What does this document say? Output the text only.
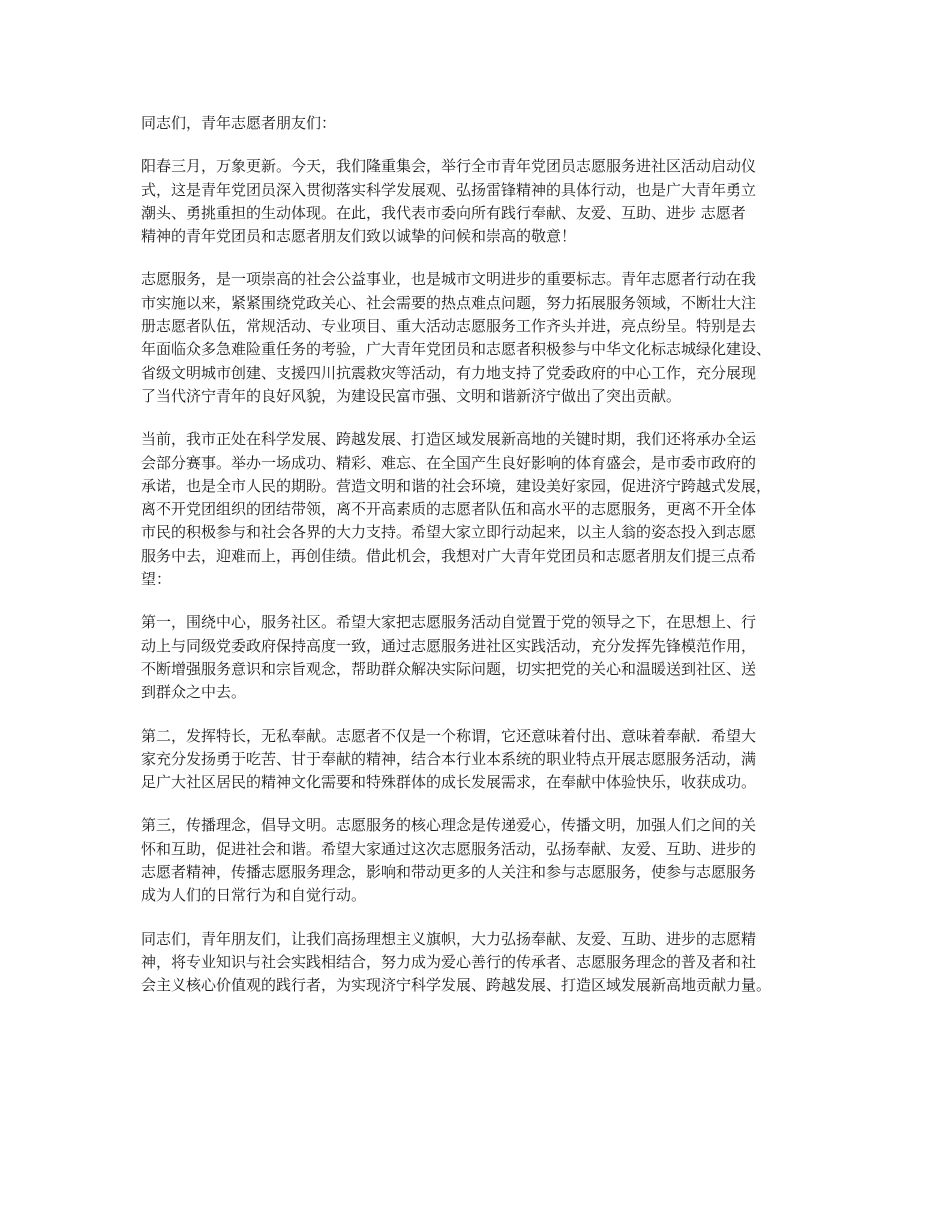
同志们，青年志愿者朋友们：

阳春三月，万象更新。今天，我们隆重集会，举行全市青年党团员志愿服务进社区活动启动仪
式，这是青年党团员深入贯彻落实科学发展观、弘扬雷锋精神的具体行动，也是广大青年勇立
潮头、勇挑重担的生动体现。在此，我代表市委向所有践行奉献、友爱、互助、进步 志愿者
精神的青年党团员和志愿者朋友们致以诚挚的问候和崇高的敬意！

志愿服务，是一项崇高的社会公益事业，也是城市文明进步的重要标志。青年志愿者行动在我
市实施以来，紧紧围绕党政关心、社会需要的热点难点问题，努力拓展服务领域，不断壮大注
册志愿者队伍，常规活动、专业项目、重大活动志愿服务工作齐头并进，亮点纷呈。特别是去
年面临众多急难险重任务的考验，广大青年党团员和志愿者积极参与中华文化标志城绿化建设、
省级文明城市创建、支援四川抗震救灾等活动，有力地支持了党委政府的中心工作，充分展现
了当代济宁青年的良好风貌，为建设民富市强、文明和谐新济宁做出了突出贡献。

当前，我市正处在科学发展、跨越发展、打造区域发展新高地的关键时期，我们还将承办全运
会部分赛事。举办一场成功、精彩、难忘、在全国产生良好影响的体育盛会，是市委市政府的
承诺，也是全市人民的期盼。营造文明和谐的社会环境，建设美好家园，促进济宁跨越式发展，
离不开党团组织的团结带领，离不开高素质的志愿者队伍和高水平的志愿服务，更离不开全体
市民的积极参与和社会各界的大力支持。希望大家立即行动起来，以主人翁的姿态投入到志愿
服务中去，迎难而上，再创佳绩。借此机会，我想对广大青年党团员和志愿者朋友们提三点希
望：

第一，围绕中心，服务社区。希望大家把志愿服务活动自觉置于党的领导之下，在思想上、行
动上与同级党委政府保持高度一致，通过志愿服务进社区实践活动，充分发挥先锋模范作用，
不断增强服务意识和宗旨观念，帮助群众解决实际问题，切实把党的关心和温暖送到社区、送
到群众之中去。

第二，发挥特长，无私奉献。志愿者不仅是一个称谓，它还意味着付出、意味着奉献．希望大
家充分发扬勇于吃苦、甘于奉献的精神，结合本行业本系统的职业特点开展志愿服务活动，满
足广大社区居民的精神文化需要和特殊群体的成长发展需求，在奉献中体验快乐，收获成功。

第三，传播理念，倡导文明。志愿服务的核心理念是传递爱心，传播文明，加强人们之间的关
怀和互助，促进社会和谐。希望大家通过这次志愿服务活动，弘扬奉献、友爱、互助、进步的
志愿者精神，传播志愿服务理念，影响和带动更多的人关注和参与志愿服务，使参与志愿服务
成为人们的日常行为和自觉行动。

同志们，青年朋友们，让我们高扬理想主义旗帜，大力弘扬奉献、友爱、互助、进步的志愿精
神，将专业知识与社会实践相结合，努力成为爱心善行的传承者、志愿服务理念的普及者和社
会主义核心价值观的践行者，为实现济宁科学发展、跨越发展、打造区域发展新高地贡献力量。
